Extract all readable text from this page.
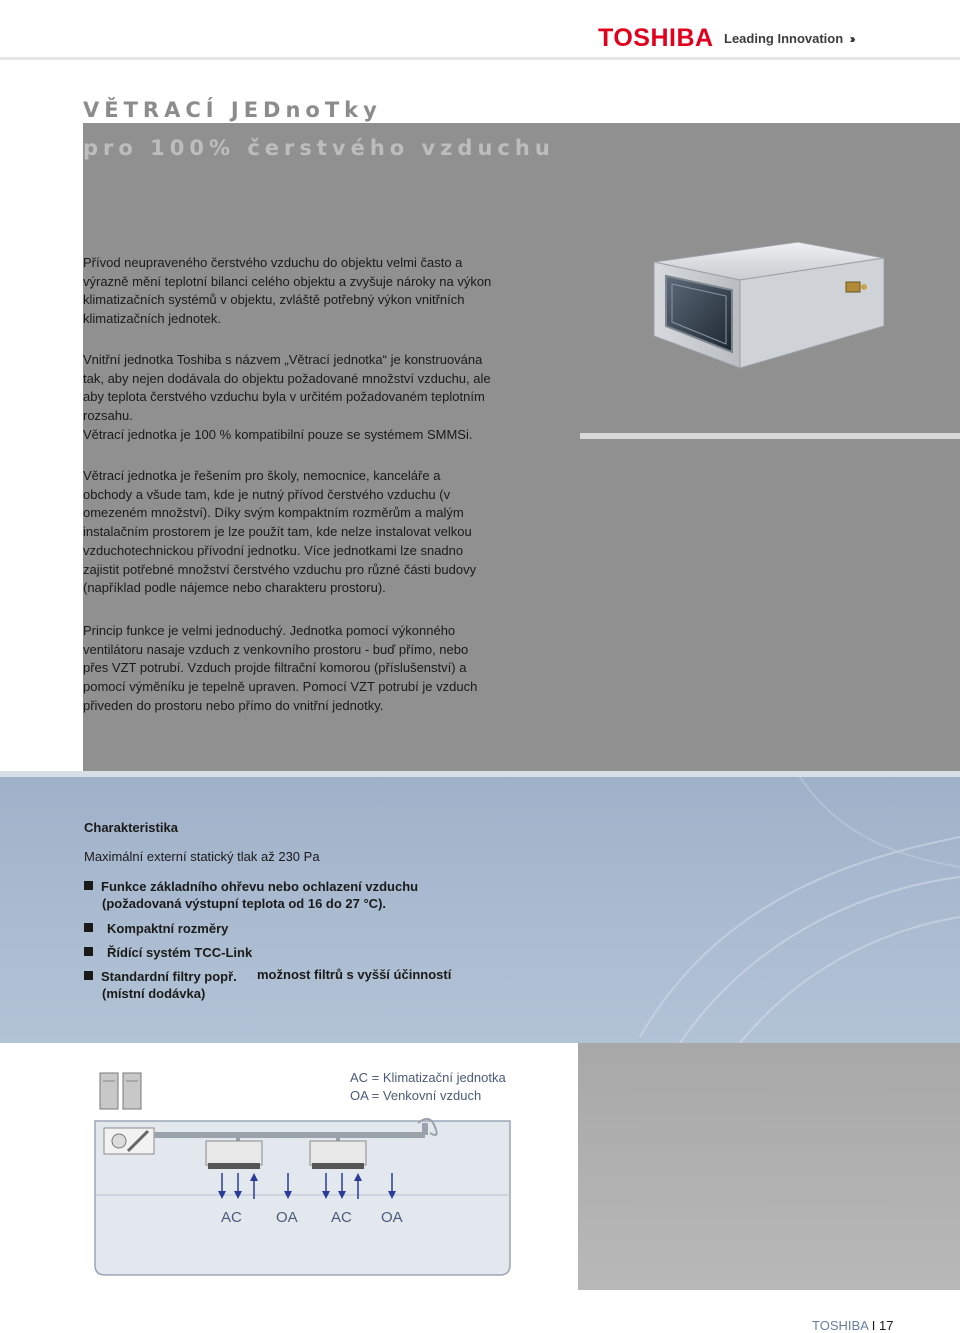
TOSHIBA Leading Innovation ›››
VĚTRACÍ JEDnoTky
pro 100% čerstvého vzduchu

Přívod neupraveného čerstvého vzduchu do objektu velmi často a

výrazně mění teplotní bilanci celého objektu a zvyšuje nároky na výkon

klimatizačních systémů v objektu, zvláště potřebný výkon vnitřních

klimatizačních jednotek.

Vnitřní jednotka Toshiba s názvem „Větrací jednotka“ je konstruována

tak, aby nejen dodávala do objektu požadované množství vzduchu, ale

aby teplota čerstvého vzduchu byla v určitém požadovaném teplotním

rozsahu.

Větrací jednotka je 100 % kompatibilní pouze se systémem SMMSi.

Větrací jednotka je řešením pro školy, nemocnice, kanceláře a

obchody a všude tam, kde je nutný přívod čerstvého vzduchu (v

omezeném množství). Díky svým kompaktním rozměrům a malým

instalačním prostorem je lze použít tam, kde nelze instalovat velkou

vzduchotechnickou přívodní jednotku. Více jednotkami lze snadno

zajistit potřebné množství čerstvého vzduchu pro různé části budovy

(například podle nájemce nebo charakteru prostoru).

Princip funkce je velmi jednoduchý. Jednotka pomocí výkonného

ventilátoru nasaje vzduch z venkovního prostoru - buď přímo, nebo

přes VZT potrubí. Vzduch projde filtrační komorou (příslušenství) a

pomocí výměníku je tepelně upraven. Pomocí VZT potrubí je vzduch

přiveden do prostoru nebo přímo do vnitřní jednotky.

Charakteristika
Maximální externí statický tlak až 230 Pa
Funkce základního ohřevu nebo ochlazení vzduchu
(požadovaná výstupní teplota od 16 do 27 °C).
Kompaktní rozměry
Řídící systém TCC-Link
Standardní filtry popř. možnost filtrů s vyšší účinností
(místní dodávka)
AC = Klimatizační jednotka
OA = Venkovní vzduch
AC OA AC OA
TOSHIBA I 17
